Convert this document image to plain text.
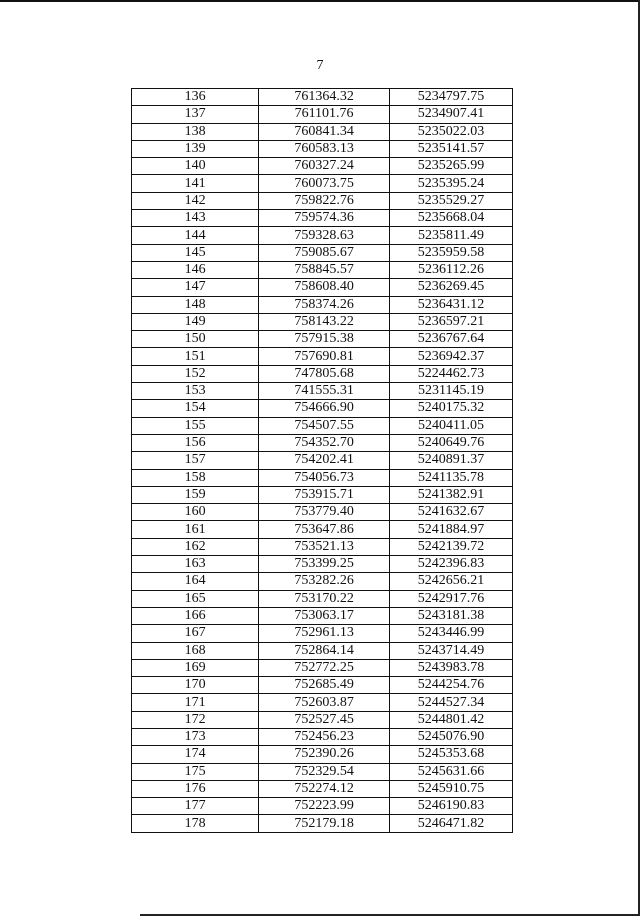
7
136	761364.32	5234797.75
137	761101.76	5234907.41
138	760841.34	5235022.03
139	760583.13	5235141.57
140	760327.24	5235265.99
141	760073.75	5235395.24
142	759822.76	5235529.27
143	759574.36	5235668.04
144	759328.63	5235811.49
145	759085.67	5235959.58
146	758845.57	5236112.26
147	758608.40	5236269.45
148	758374.26	5236431.12
149	758143.22	5236597.21
150	757915.38	5236767.64
151	757690.81	5236942.37
152	747805.68	5224462.73
153	741555.31	5231145.19
154	754666.90	5240175.32
155	754507.55	5240411.05
156	754352.70	5240649.76
157	754202.41	5240891.37
158	754056.73	5241135.78
159	753915.71	5241382.91
160	753779.40	5241632.67
161	753647.86	5241884.97
162	753521.13	5242139.72
163	753399.25	5242396.83
164	753282.26	5242656.21
165	753170.22	5242917.76
166	753063.17	5243181.38
167	752961.13	5243446.99
168	752864.14	5243714.49
169	752772.25	5243983.78
170	752685.49	5244254.76
171	752603.87	5244527.34
172	752527.45	5244801.42
173	752456.23	5245076.90
174	752390.26	5245353.68
175	752329.54	5245631.66
176	752274.12	5245910.75
177	752223.99	5246190.83
178	752179.18	5246471.82
